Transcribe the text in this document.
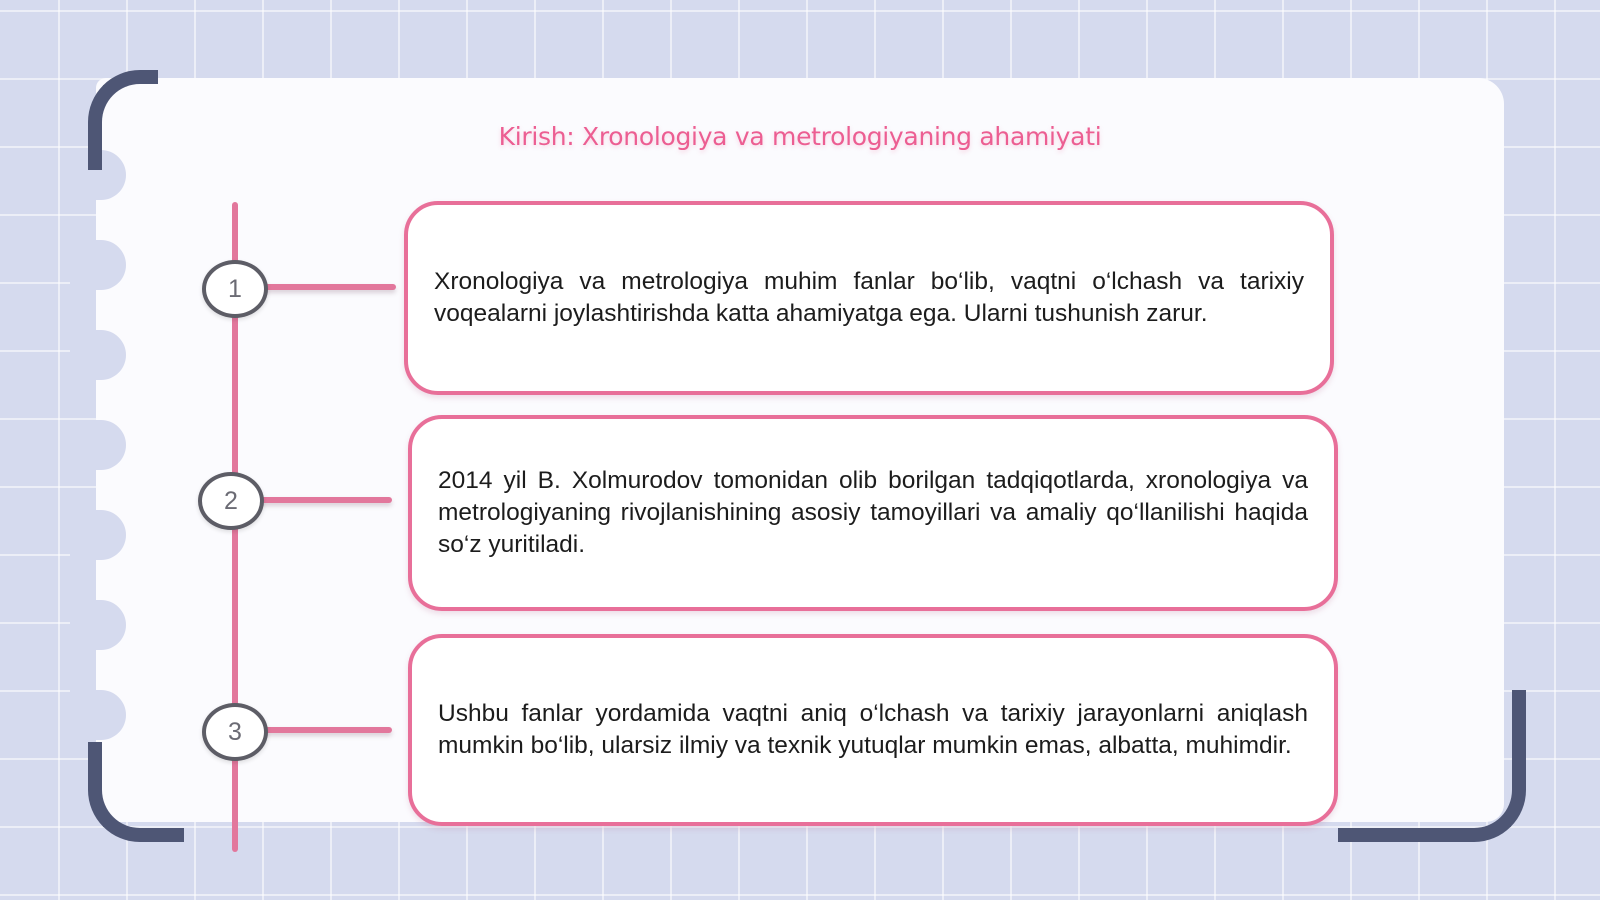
Kirish: Xronologiya va metrologiyaning ahamiyati
1	Xronologiya va metrologiya muhim fanlar bo‘lib, vaqtni o‘lchash va tarixiy voqealarni joylashtirishda katta ahamiyatga ega. Ularni tushunish zarur.

2

2014 yil B. Xolmurodov tomonidan olib borilgan tadqiqotlarda, xronologiya va metrologiyaning rivojlanishining asosiy tamoyillari va amaliy qo‘llanilishi haqida so‘z yuritiladi.

3

Ushbu fanlar yordamida vaqtni aniq o‘lchash va tarixiy jarayonlarni aniqlash mumkin bo‘lib, ularsiz ilmiy va texnik yutuqlar mumkin emas, albatta, muhimdir.
